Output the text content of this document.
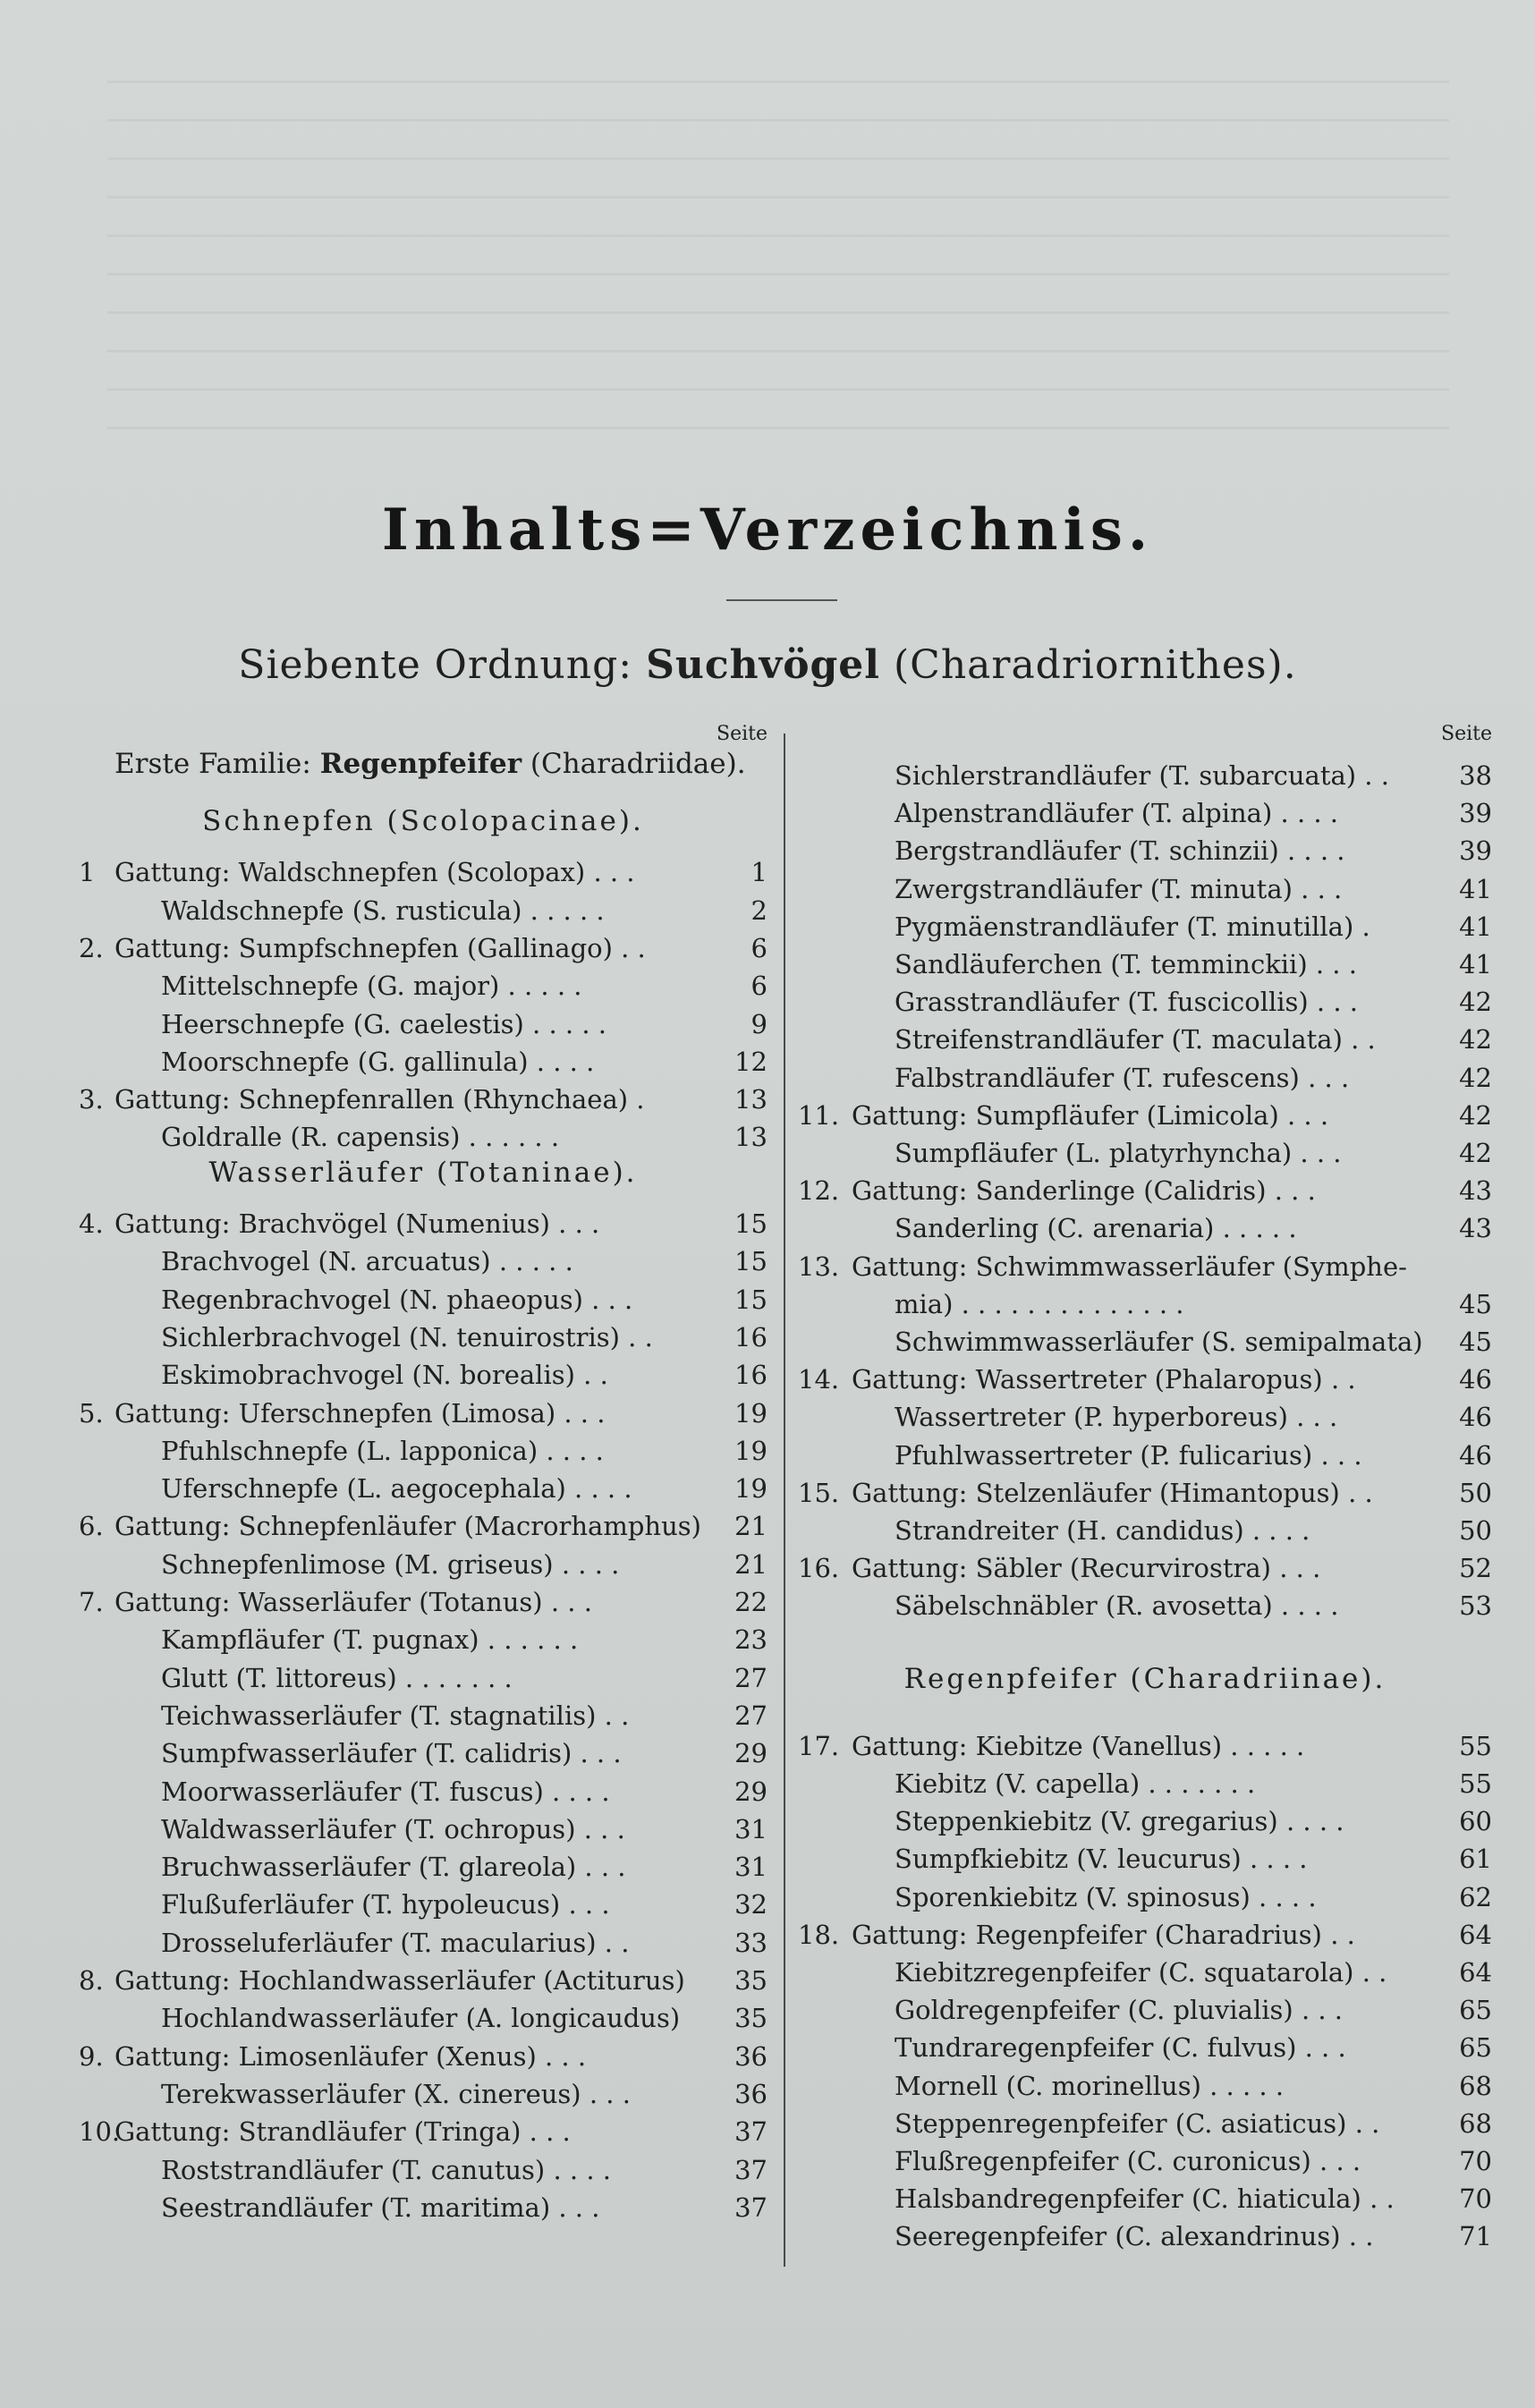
Inhalts=Verzeichnis.
Siebente Ordnung: Suchvögel (Charadriornithes).
Seite
Erste Familie: Regenpfeifer (Charadriidae).
Schnepfen (Scolopacinae).
1 Gattung: Waldschnepfen (Scolopax) . . .	1
Waldschnepfe (S. rusticula) . . . . .	2
2. Gattung: Sumpfschnepfen (Gallinago) . .	6
Mittelschnepfe (G. major) . . . . .	6
Heerschnepfe (G. caelestis) . . . . .	9
Moorschnepfe (G. gallinula) . . . .	12
3. Gattung: Schnepfenrallen (Rhynchaea) .	13
Goldralle (R. capensis) . . . . . .	13
Wasserläufer (Totaninae).
4. Gattung: Brachvögel (Numenius) . . .	15
Brachvogel (N. arcuatus) . . . . .	15
Regenbrachvogel (N. phaeopus) . . .	15
Sichlerbrachvogel (N. tenuirostris) . .	16
Eskimobrachvogel (N. borealis) . .	16
5. Gattung: Uferschnepfen (Limosa) . . .	19
Pfuhlschnepfe (L. lapponica) . . . .	19
Uferschnepfe (L. aegocephala) . . . .	19
6. Gattung: Schnepfenläufer (Macrorhamphus) 21
Schnepfenlimose (M. griseus) . . . .	21
7. Gattung: Wasserläufer (Totanus) . . .	22
Kampfläufer (T. pugnax) . . . . . .	23
Glutt (T. littoreus) . . . . . . .	27
Teichwasserläufer (T. stagnatilis) . .	27
Sumpfwasserläufer (T. calidris) . . .	29
Moorwasserläufer (T. fuscus) . . . .	29
Waldwasserläufer (T. ochropus) . . .	31
Bruchwasserläufer (T. glareola) . . .	31
Flußuferläufer (T. hypoleucus) . . .	32
Drosseluferläufer (T. macularius) . .	33
8. Gattung: Hochlandwasserläufer (Actiturus) 35
Hochlandwasserläufer (A. longicaudus) 35
9. Gattung: Limosenläufer (Xenus) . . .	36
Terekwasserläufer (X. cinereus) . . .	36
10.
Gattung: Strandläufer (Tringa) . . .	37
Roststrandläufer (T. canutus) . . . .	37
Seestrandläufer (T. maritima) . . .	37
Seite
Sichlerstrandläufer (T. subarcuata) . .	38
Alpenstrandläufer (T. alpina) . . . .	39
Bergstrandläufer (T. schinzii) . . . .	39
Zwergstrandläufer (T. minuta) . . .	41
Pygmäenstrandläufer (T. minutilla) .	41
Sandläuferchen (T. temminckii) . . .	41
Grasstrandläufer (T. fuscicollis) . . .	42
Streifenstrandläufer (T. maculata) . .	42
Falbstrandläufer (T. rufescens) . . .	42
11. Gattung: Sumpfläufer (Limicola) . . .	42
Sumpfläufer (L. platyrhyncha) . . .	42
12. Gattung: Sanderlinge (Calidris) . . .	43
Sanderling (C. arenaria) . . . . .	43
13. Gattung: Schwimmwasserläufer (Symphe-
mia) . . . . . . . . . . . . . .	45
Schwimmwasserläufer (S. semipalmata) 45
14. Gattung: Wassertreter (Phalaropus) . .	46
Wassertreter (P. hyperboreus) . . .	46
Pfuhlwassertreter (P. fulicarius) . . .	46
15. Gattung: Stelzenläufer (Himantopus) . .	50
Strandreiter (H. candidus) . . . .	50
16. Gattung: Säbler (Recurvirostra) . . .	52
Säbelschnäbler (R. avosetta) . . . .	53
Regenpfeifer (Charadriinae).
17. Gattung: Kiebitze (Vanellus) . . . . .	55
Kiebitz (V. capella) . . . . . . .	55
Steppenkiebitz (V. gregarius) . . . .	60
Sumpfkiebitz (V. leucurus) . . . .	61
Sporenkiebitz (V. spinosus) . . . .	62
18. Gattung: Regenpfeifer (Charadrius) . .	64
Kiebitzregenpfeifer (C. squatarola) . .	64
Goldregenpfeifer (C. pluvialis) . . .	65
Tundraregenpfeifer (C. fulvus) . . .	65
Mornell (C. morinellus) . . . . .	68
Steppenregenpfeifer (C. asiaticus) . .	68
Flußregenpfeifer (C. curonicus) . . .	70
Halsbandregenpfeifer (C. hiaticula) . . 70
Seeregenpfeifer (C. alexandrinus) . .	71
